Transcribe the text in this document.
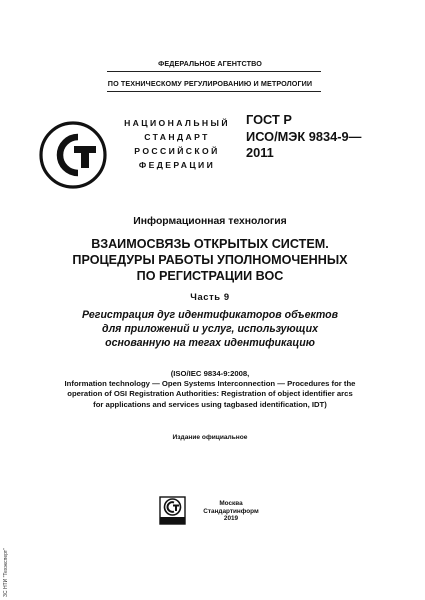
ФЕДЕРАЛЬНОЕ АГЕНТСТВО
ПО ТЕХНИЧЕСКОМУ РЕГУЛИРОВАНИЮ И МЕТРОЛОГИИ
НАЦИОНАЛЬНЫЙ
СТАНДАРТ
РОССИЙСКОЙ
ФЕДЕРАЦИИ
ГОСТ Р
ИСО/МЭК 9834-9—
2011
Информационная технология
ВЗАИМОСВЯЗЬ ОТКРЫТЫХ СИСТЕМ.
ПРОЦЕДУРЫ РАБОТЫ УПОЛНОМОЧЕННЫХ
ПО РЕГИСТРАЦИИ ВОС
Часть 9
Регистрация дуг идентификаторов объектов
для приложений и услуг, использующих
основанную на тегах идентификацию
(ISO/IEC 9834-9:2008,
Information technology — Open Systems Interconnection — Procedures for the
operation of OSI Registration Authorities: Registration of object identifier arcs
for applications and services using tagbased identification, IDT)
Издание официальное
Москва
Стандартинформ
2019
ЗС НТИ "Техэксперт"
